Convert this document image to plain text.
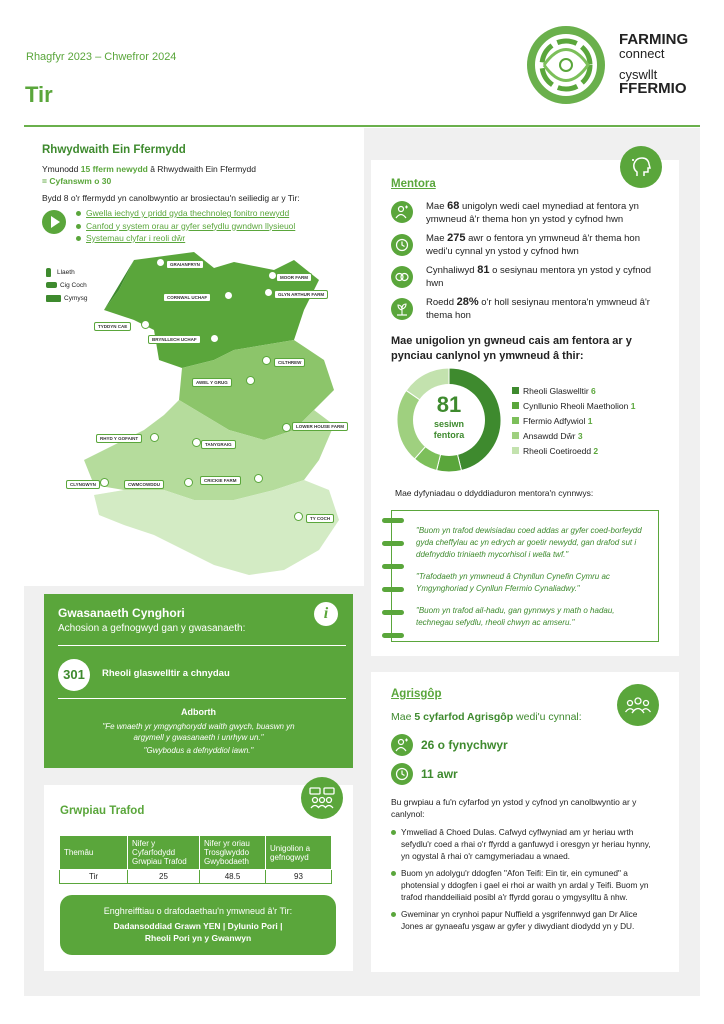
Rhagfyr 2023 – Chwefror 2024
Tir
FARMING
connect
cyswllt
FFERMIO
Rhwydwaith Ein Ffermydd
Ymunodd 15 fferm newydd â Rhwydwaith Ein Ffermydd
= Cyfanswm o 30
Bydd 8 o'r ffermydd yn canolbwyntio ar brosiectau'n seiliedig ar y Tir:
Gwella iechyd y pridd gyda thechnoleg fonitro newydd
Canfod y system orau ar gyfer sefydlu gwndwn llysieuol
Systemau clyfar i reoli dŵr
Llaeth
Cig Coch
Cymysg
GRAIANFRYN
MOOR FARM
CORNWAL UCHAF
GLYN ARTHUR FARM
TYDDYN CAE
BRYNLLECH UCHAF
CILTHREW
AWEL Y GRUG
LOWER HOUSE FARM
RHYD Y GOFAINT
TANYGRAIG
CRICKIE FARM
CLYNGWYN	CWMCOWDDU
TY COCH
Gwasanaeth Cynghori
Achosion a gefnogwyd gan y gwasanaeth:
i
301	Rheoli glaswelltir a chnydau
Adborth
"Fe wnaeth yr ymgynghorydd waith gwych, buaswn yn argymell y gwasanaeth i unrhyw un."
"Gwybodus a defnyddiol iawn."
Grwpiau Trafod
Themâu	Nifer y Cyfarfodydd Grwpiau Trafod	Nifer yr oriau Trosglwyddo Gwybodaeth	Unigolion a gefnogwyd
Tir	25	48.5	93
Enghreifftiau o drafodaethau'n ymwneud â'r Tir:
Dadansoddiad Grawn YEN | Dylunio Pori |
Rheoli Pori yn y Gwanwyn
Mentora
Mae 68 unigolyn wedi cael mynediad at fentora yn ymwneud â'r thema hon yn ystod y cyfnod hwn
Mae 275 awr o fentora yn ymwneud â'r thema hon wedi'u cynnal yn ystod y cyfnod hwn
Cynhaliwyd 81 o sesiynau mentora yn ystod y cyfnod hwn
Roedd 28% o'r holl sesiynau mentora'n ymwneud â'r thema hon
Mae unigolion yn gwneud cais am fentora ar y pynciau canlynol yn ymwneud â thir:
81
sesiwn
fentora
Rheoli Glaswelltir 6
Cynllunio Rheoli Maetholion 1
Ffermio Adfywiol 1
Ansawdd Dŵr 3
Rheoli Coetiroedd 2
Mae dyfyniadau o ddyddiaduron mentora'n cynnwys:
"Buom yn trafod dewisiadau coed addas ar gyfer coed-borfeydd gyda cheffylau ac yn edrych ar goetir newydd, gan drafod sut i ddefnyddio triniaeth mycorhisol i wella twf."
"Trafodaeth yn ymwneud â Chynllun Cynefin Cymru ac Ymgynghoriad y Cynllun Ffermio Cynaliadwy."
"Buom yn trafod ail-hadu, gan gynnwys y math o hadau, technegau sefydlu, rheoli chwyn ac amseru."
Agrisgôp
Mae 5 cyfarfod Agrisgôp wedi'u cynnal:
26 o fynychwyr
11 awr
Bu grwpiau a fu'n cyfarfod yn ystod y cyfnod yn canolbwyntio ar y canlynol:
Ymweliad â Choed Dulas. Cafwyd cyflwyniad am yr heriau wrth sefydlu'r coed a rhai o'r ffyrdd a ganfuwyd i oresgyn yr heriau hynny, yn ogystal â rhai o'r camgymeriadau a wnaed.
Buom yn adolygu'r ddogfen "Afon Teifi: Ein tir, ein cymuned" a photensial y ddogfen i gael ei rhoi ar waith yn ardal y Teifi. Buom yn trafod rhanddeiliaid posibl a'r ffyrdd gorau o ymgysylltu â nhw.
Gweminar yn crynhoi papur Nuffield a ysgrifennwyd gan Dr Alice Jones ar gynaeafu ysgaw ar gyfer y diwydiant diodydd yn y DU.
